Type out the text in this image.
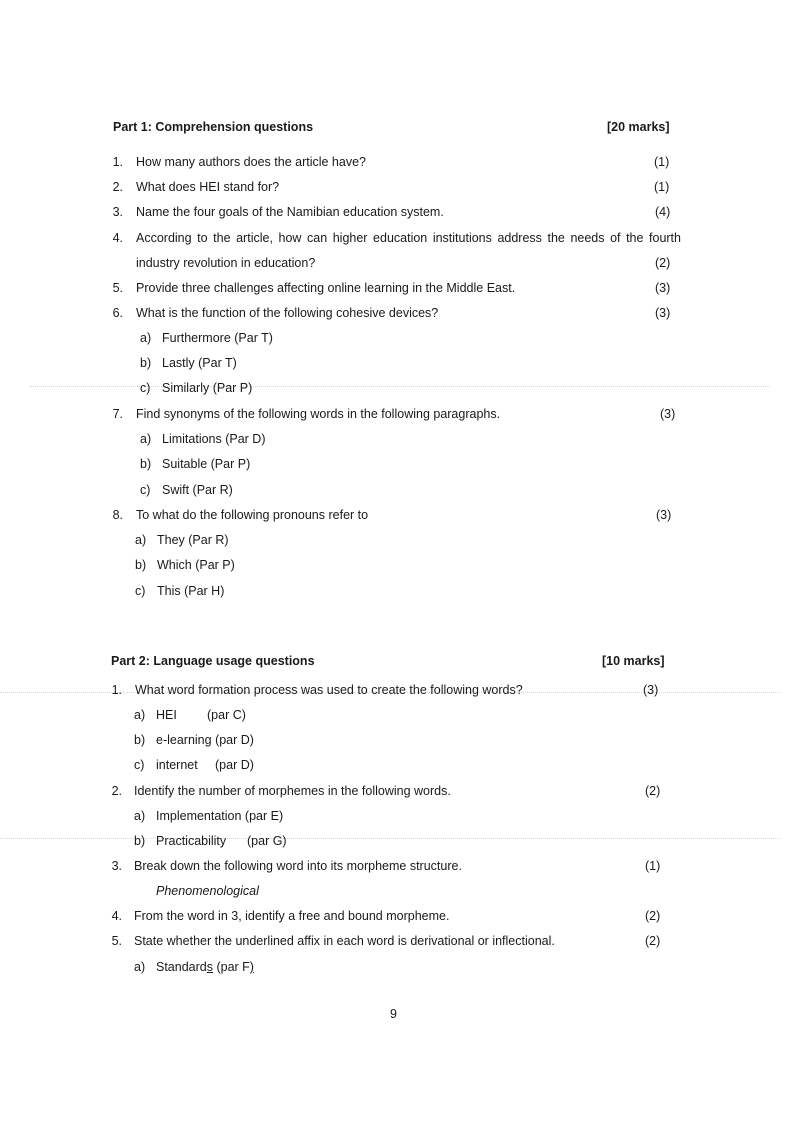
Part 1: Comprehension questions	[20 marks]
1. How many authors does the article have?	(1)
2. What does HEI stand for?	(1)
3. Name the four goals of the Namibian education system.	(4)
4. According to the article, how can higher education institutions address the needs of the fourth
industry revolution in education?	(2)
5. Provide three challenges affecting online learning in the Middle East.	(3)
6. What is the function of the following cohesive devices?	(3)
a) Furthermore (Par T)
b) Lastly (Par T)
c) Similarly (Par P)
7. Find synonyms of the following words in the following paragraphs.	(3)
a) Limitations (Par D)
b) Suitable (Par P)
c) Swift (Par R)
8. To what do the following pronouns refer to	(3)
a) They (Par R)
b) Which (Par P)
c) This (Par H)
Part 2: Language usage questions	[10 marks]
1. What word formation process was used to create the following words?	(3)
a) HEI (par C)
b) e-learning (par D)
c) internet (par D)
2. Identify the number of morphemes in the following words.	(2)
a) Implementation (par E)
b) Practicability (par G)
3. Break down the following word into its morpheme structure.	(1)
Phenomenological
4. From the word in 3, identify a free and bound morpheme.	(2)
5. State whether the underlined affix in each word is derivational or inflectional.	(2)
a) Standards (par F)
9
